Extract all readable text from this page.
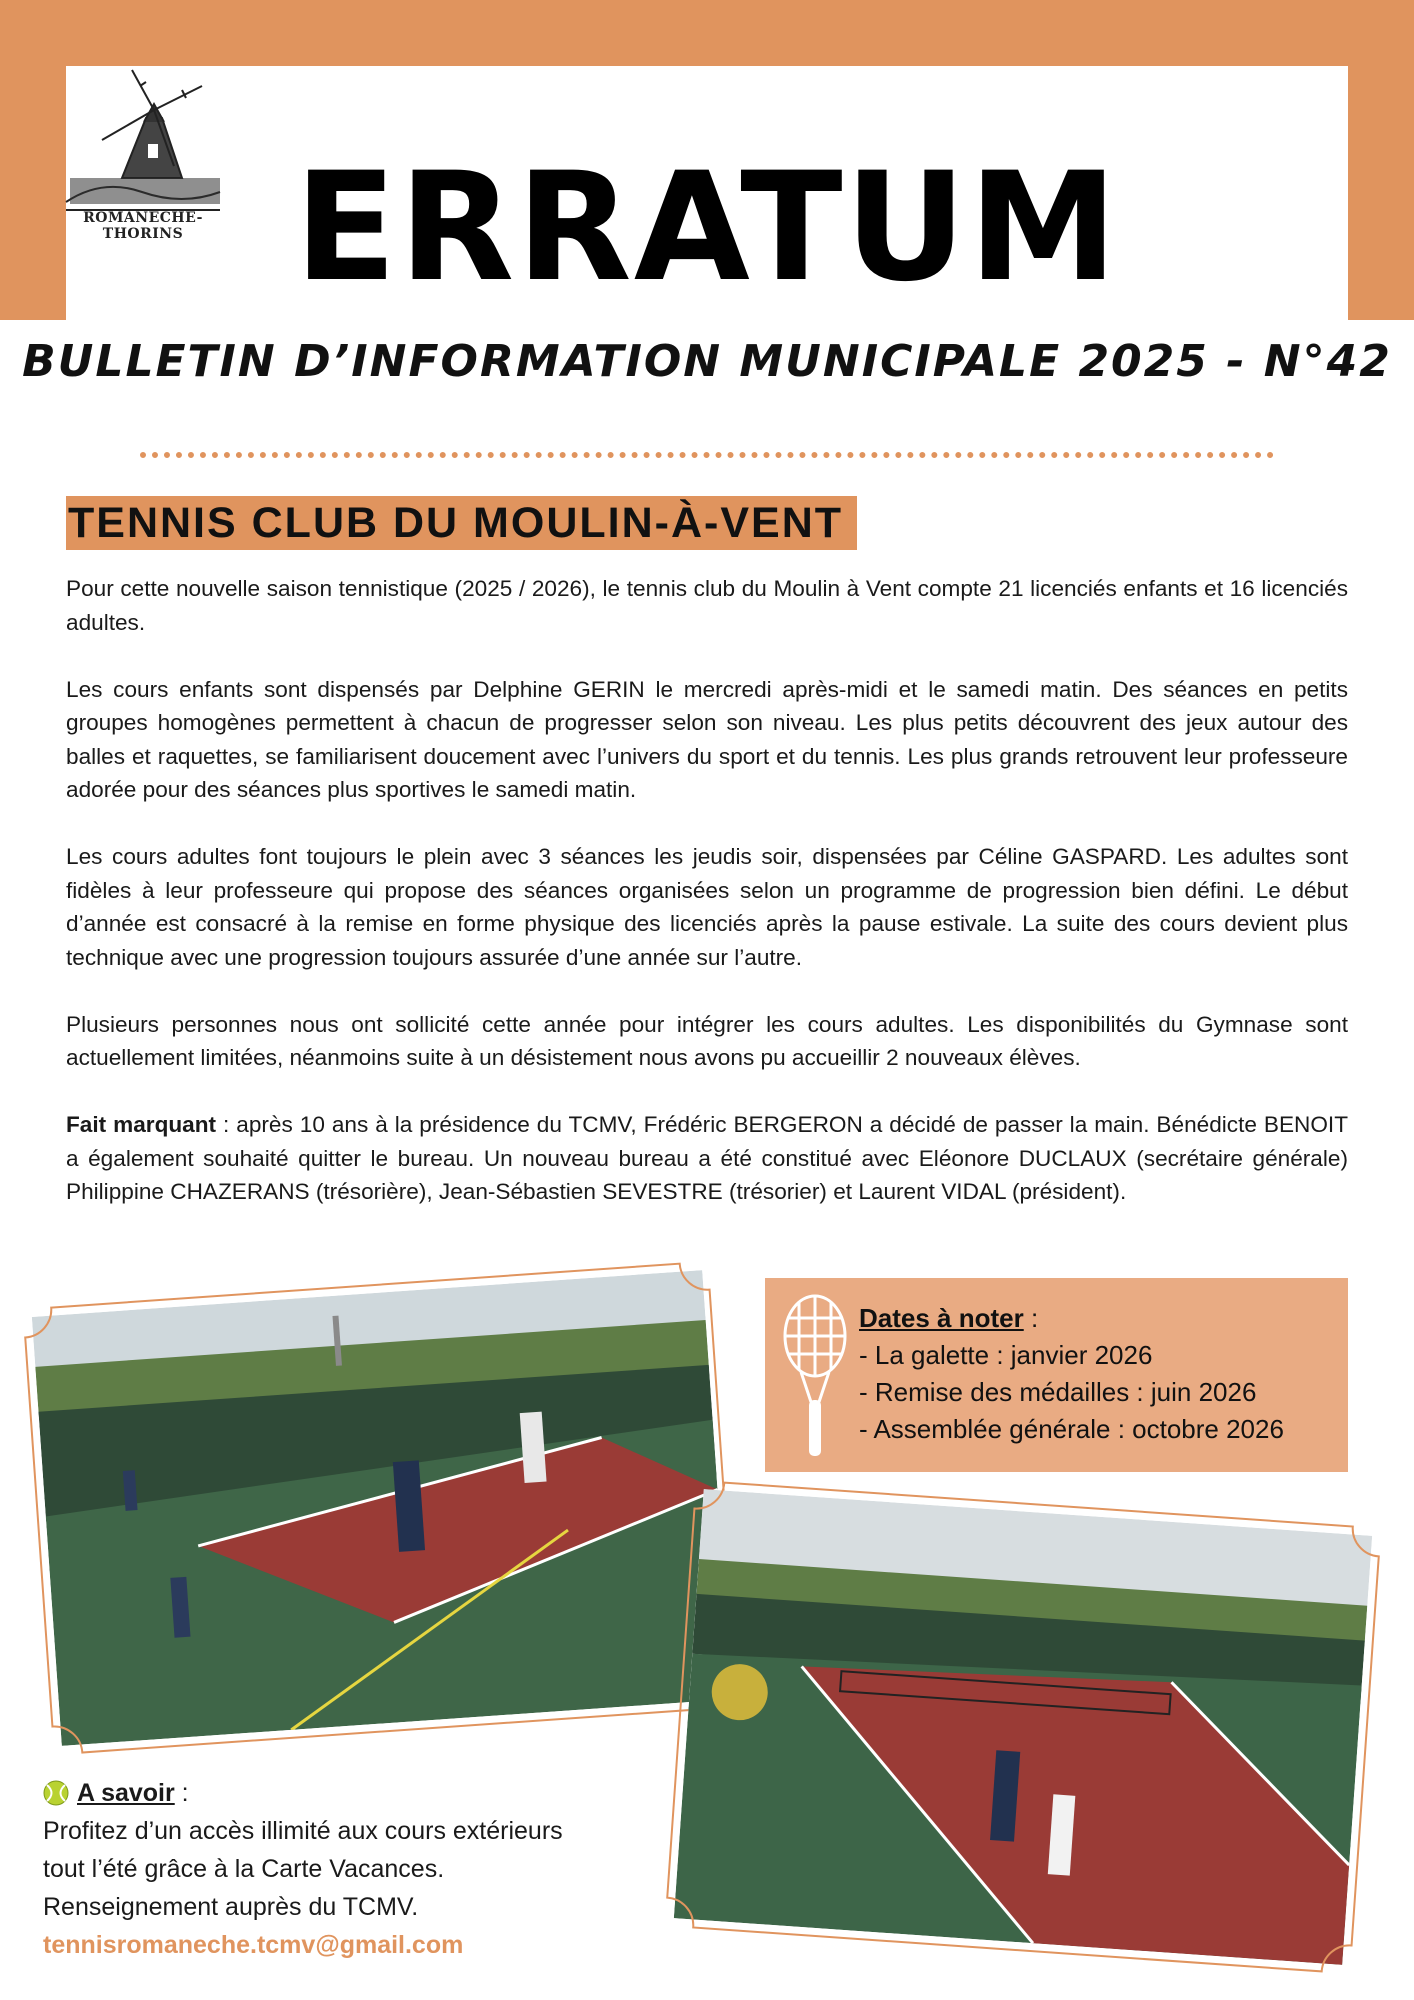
ROMANÈCHE-THORINS ERRATUM
BULLETIN D’INFORMATION MUNICIPALE 2025 - N°42
TENNIS CLUB DU MOULIN-À-VENT

Pour cette nouvelle saison tennistique (2025 / 2026), le tennis club du Moulin à Vent compte 21 licenciés enfants et 16 licenciés adultes.

Les cours enfants sont dispensés par Delphine GERIN le mercredi après-midi et le samedi matin. Des séances en petits groupes homogènes permettent à chacun de progresser selon son niveau. Les plus petits découvrent des jeux autour des balles et raquettes, se familiarisent doucement avec l’univers du sport et du tennis. Les plus grands retrouvent leur professeure adorée pour des séances plus sportives le samedi matin.

Les cours adultes font toujours le plein avec 3 séances les jeudis soir, dispensées par Céline GASPARD. Les adultes sont fidèles à leur professeure qui propose des séances organisées selon un programme de progression bien défini. Le début d’année est consacré à la remise en forme physique des licenciés après la pause estivale. La suite des cours devient plus technique avec une progression toujours assurée d’une année sur l’autre.

Plusieurs personnes nous ont sollicité cette année pour intégrer les cours adultes. Les disponibilités du Gymnase sont actuellement limitées, néanmoins suite à un désistement nous avons pu accueillir 2 nouveaux élèves.

Fait marquant : après 10 ans à la présidence du TCMV, Frédéric BERGERON a décidé de passer la main. Bénédicte BENOIT a également souhaité quitter le bureau. Un nouveau bureau a été constitué avec Eléonore DUCLAUX (secrétaire générale) Philippine CHAZERANS (trésorière), Jean-Sébastien SEVESTRE (trésorier) et Laurent VIDAL (président).

Dates à noter :
- La galette : janvier 2026
- Remise des médailles : juin 2026
- Assemblée générale : octobre 2026
A savoir :
Profitez d’un accès illimité aux cours extérieurs
tout l’été grâce à la Carte Vacances.
Renseignement auprès du TCMV.
tennisromaneche.tcmv@gmail.com
